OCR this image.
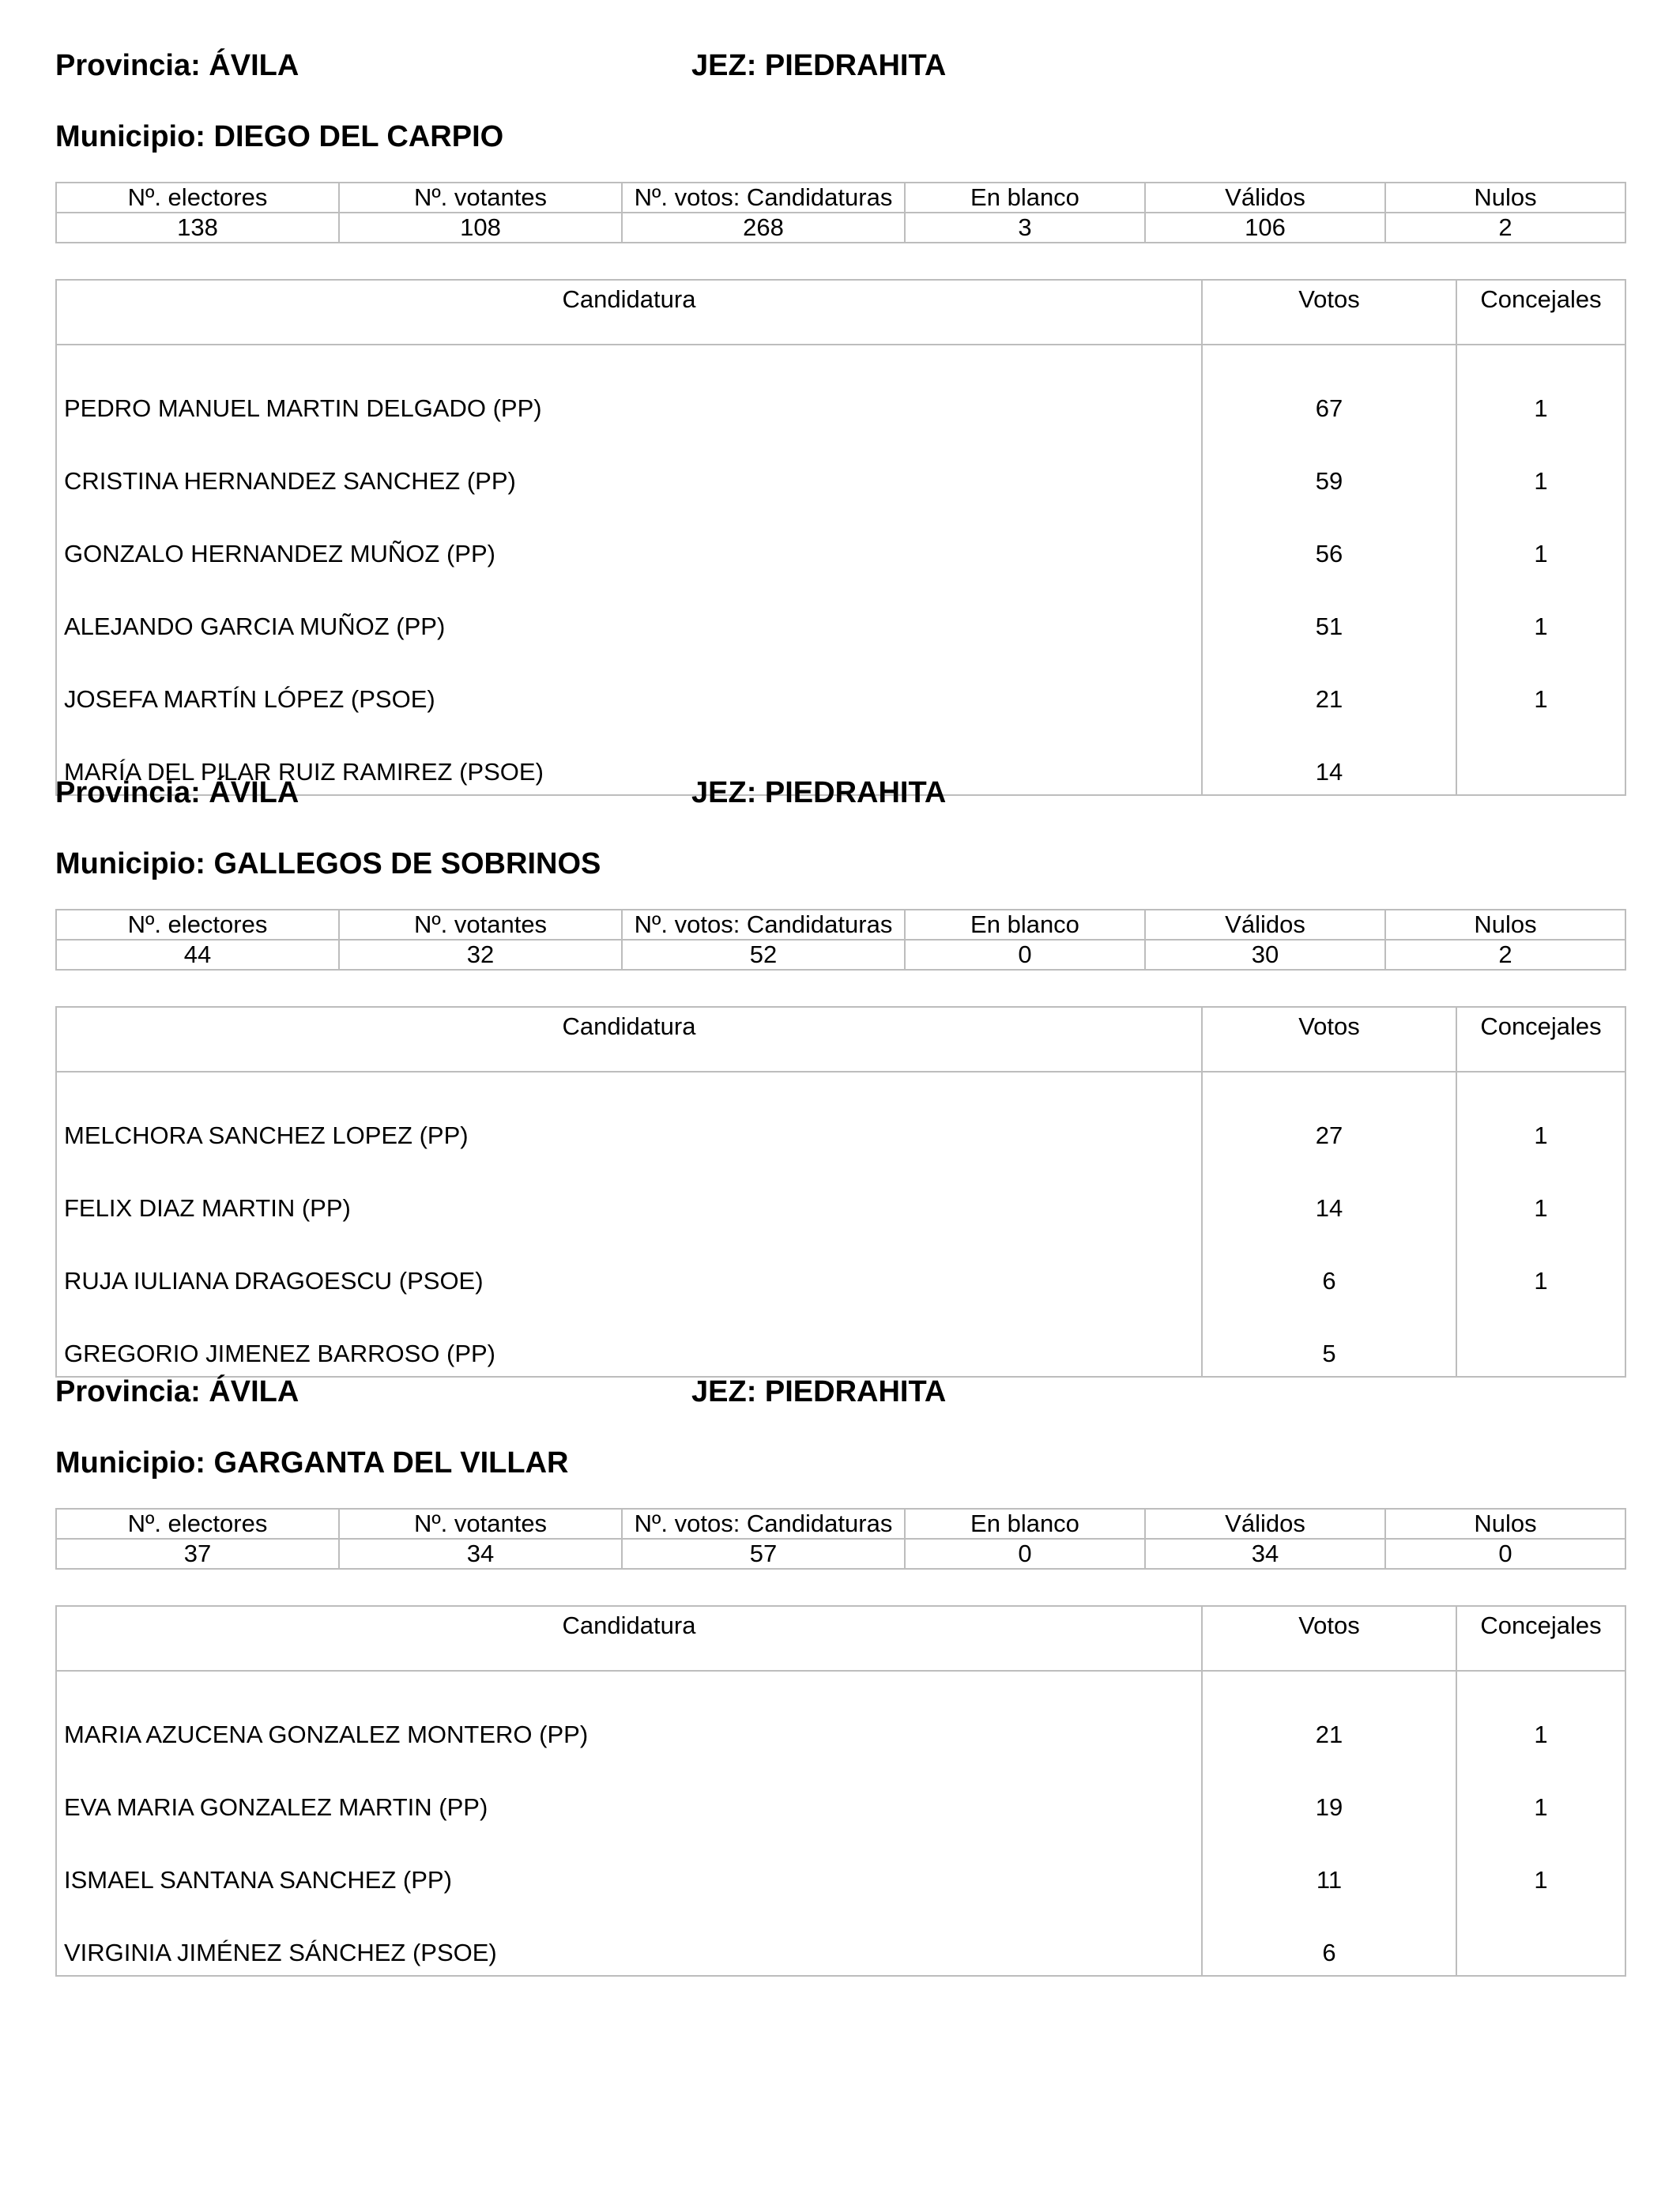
Provincia: ÁVILA	JEZ: PIEDRAHITA
Municipio: DIEGO DEL CARPIO
Nº. electores	Nº. votantes	Nº. votos: Candidaturas	En blanco	Válidos	Nulos
138	108	268	3	106	2
Candidatura	Votos	Concejales
PEDRO MANUEL MARTIN DELGADO (PP)	67	1
CRISTINA HERNANDEZ SANCHEZ (PP)	59	1
GONZALO HERNANDEZ MUÑOZ (PP)	56	1
ALEJANDO GARCIA MUÑOZ (PP)	51	1
JOSEFA MARTÍN LÓPEZ (PSOE)	21	1
MARÍA DEL PILAR RUIZ RAMIREZ (PSOE)	14	
Provincia: ÁVILA	JEZ: PIEDRAHITA
Municipio: GALLEGOS DE SOBRINOS
Nº. electores	Nº. votantes	Nº. votos: Candidaturas	En blanco	Válidos	Nulos
44	32	52	0	30	2
Candidatura	Votos	Concejales
MELCHORA SANCHEZ LOPEZ (PP)	27	1
FELIX DIAZ MARTIN (PP)	14	1
RUJA IULIANA DRAGOESCU (PSOE)	6	1
GREGORIO JIMENEZ BARROSO (PP)	5	
Provincia: ÁVILA	JEZ: PIEDRAHITA
Municipio: GARGANTA DEL VILLAR
Nº. electores	Nº. votantes	Nº. votos: Candidaturas	En blanco	Válidos	Nulos
37	34	57	0	34	0
Candidatura	Votos	Concejales
MARIA AZUCENA GONZALEZ MONTERO (PP)	21	1
EVA MARIA GONZALEZ MARTIN (PP)	19	1
ISMAEL SANTANA SANCHEZ (PP)	11	1
VIRGINIA JIMÉNEZ SÁNCHEZ (PSOE)	6	
